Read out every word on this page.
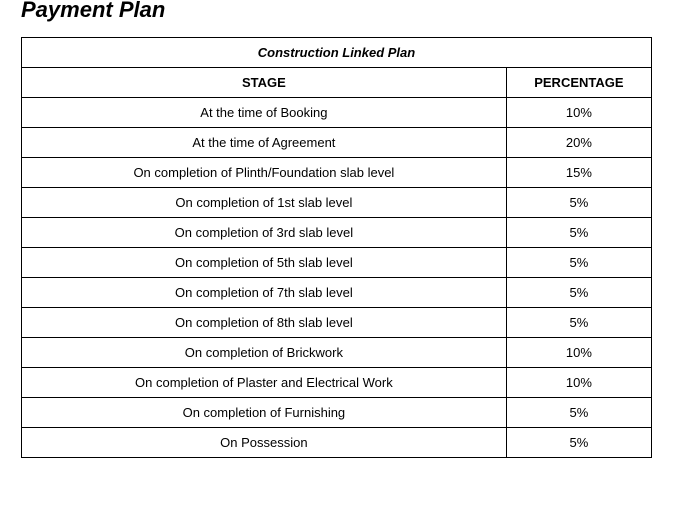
Payment Plan
Construction Linked Plan	
STAGE	PERCENTAGE
At the time of Booking	10%
At the time of Agreement	20%
On completion of Plinth/Foundation slab level	15%
On completion of 1st slab level	5%
On completion of 3rd slab level	5%
On completion of 5th slab level	5%
On completion of 7th slab level	5%
On completion of 8th slab level	5%
On completion of Brickwork	10%
On completion of Plaster and Electrical Work	10%
On completion of Furnishing	5%
On Possession	5%
